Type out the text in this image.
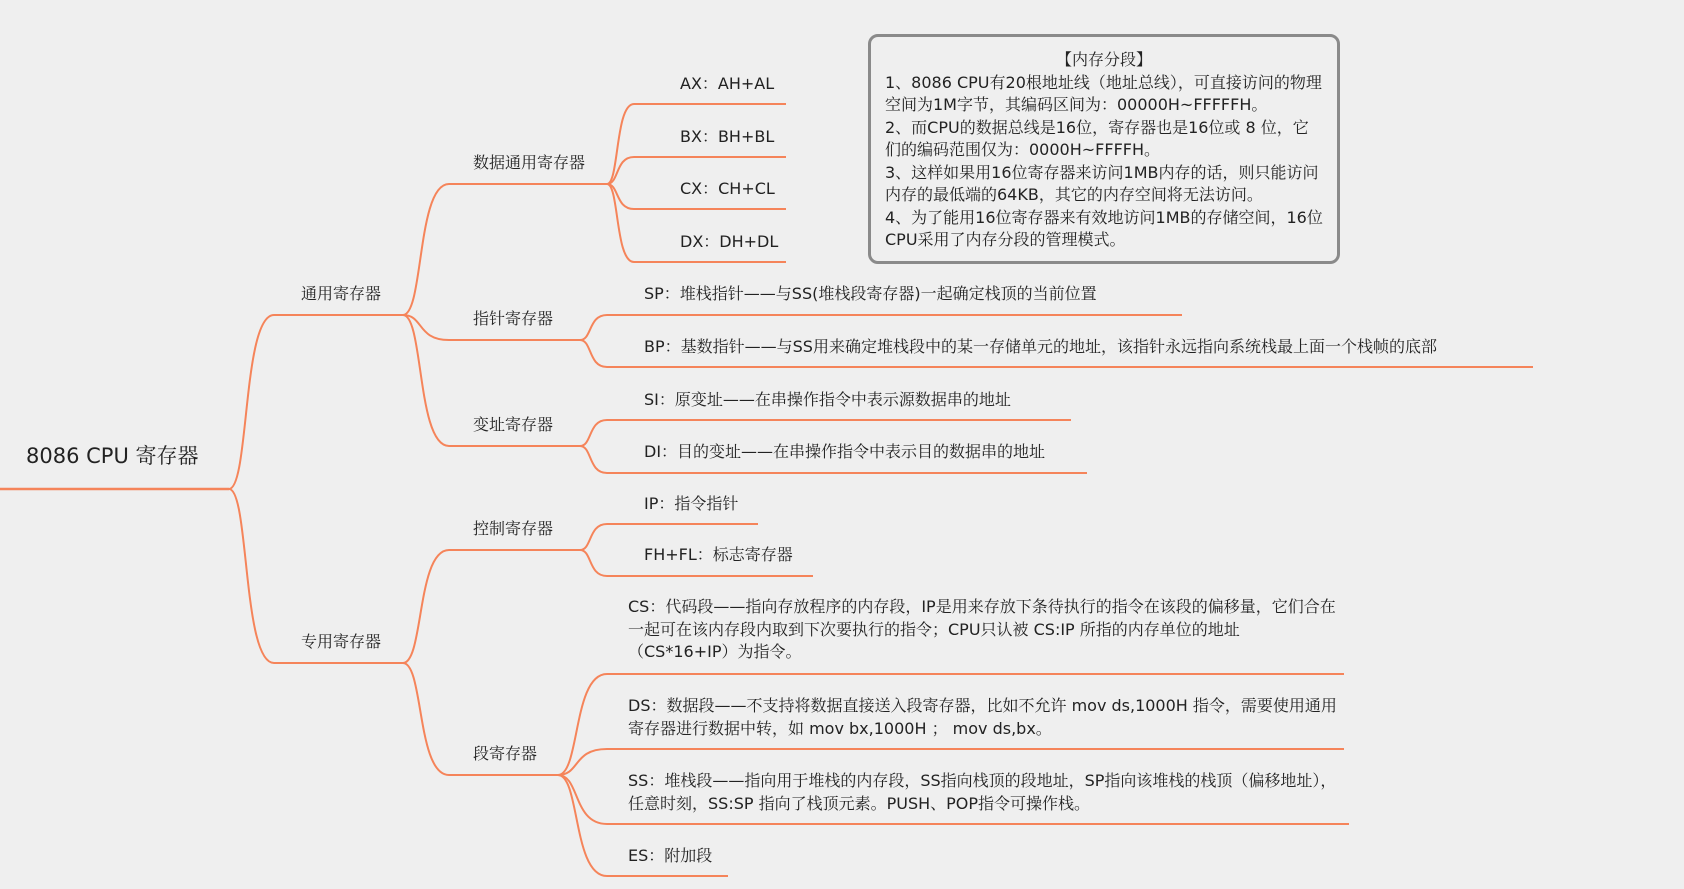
8086 CPU 寄存器
通用寄存器
专用寄存器
数据通用寄存器
指针寄存器
变址寄存器
控制寄存器
段寄存器
AX：AH+AL
BX：BH+BL
CX：CH+CL
DX：DH+DL
SP：堆栈指针——与SS(堆栈段寄存器)一起确定栈顶的当前位置
BP：基数指针——与SS用来确定堆栈段中的某一存储单元的地址，该指针永远指向系统栈最上面一个栈帧的底部
SI：原变址——在串操作指令中表示源数据串的地址
DI：目的变址——在串操作指令中表示目的数据串的地址
IP：指令指针
FH+FL：标志寄存器
CS：代码段——指向存放程序的内存段，IP是用来存放下条待执行的指令在该段的偏移量，它们合在一起可在该内存段内取到下次要执行的指令；CPU只认被 CS:IP 所指的内存单位的地址（CS*16+IP）为指令。
DS：数据段——不支持将数据直接送入段寄存器，比如不允许 mov ds,1000H 指令，需要使用通用寄存器进行数据中转，如 mov bx,1000H ； mov ds,bx。
SS：堆栈段——指向用于堆栈的内存段，SS指向栈顶的段地址，SP指向该堆栈的栈顶（偏移地址），任意时刻，SS:SP 指向了栈顶元素。PUSH、POP指令可操作栈。
ES：附加段
【内存分段】
1、8086 CPU有20根地址线（地址总线），可直接访问的物理空间为1M字节，其编码区间为：00000H~FFFFFH。
2、而CPU的数据总线是16位，寄存器也是16位或 8 位，它们的编码范围仅为：0000H~FFFFH。
3、这样如果用16位寄存器来访问1MB内存的话，则只能访问内存的最低端的64KB，其它的内存空间将无法访问。
4、为了能用16位寄存器来有效地访问1MB的存储空间，16位CPU采用了内存分段的管理模式。
